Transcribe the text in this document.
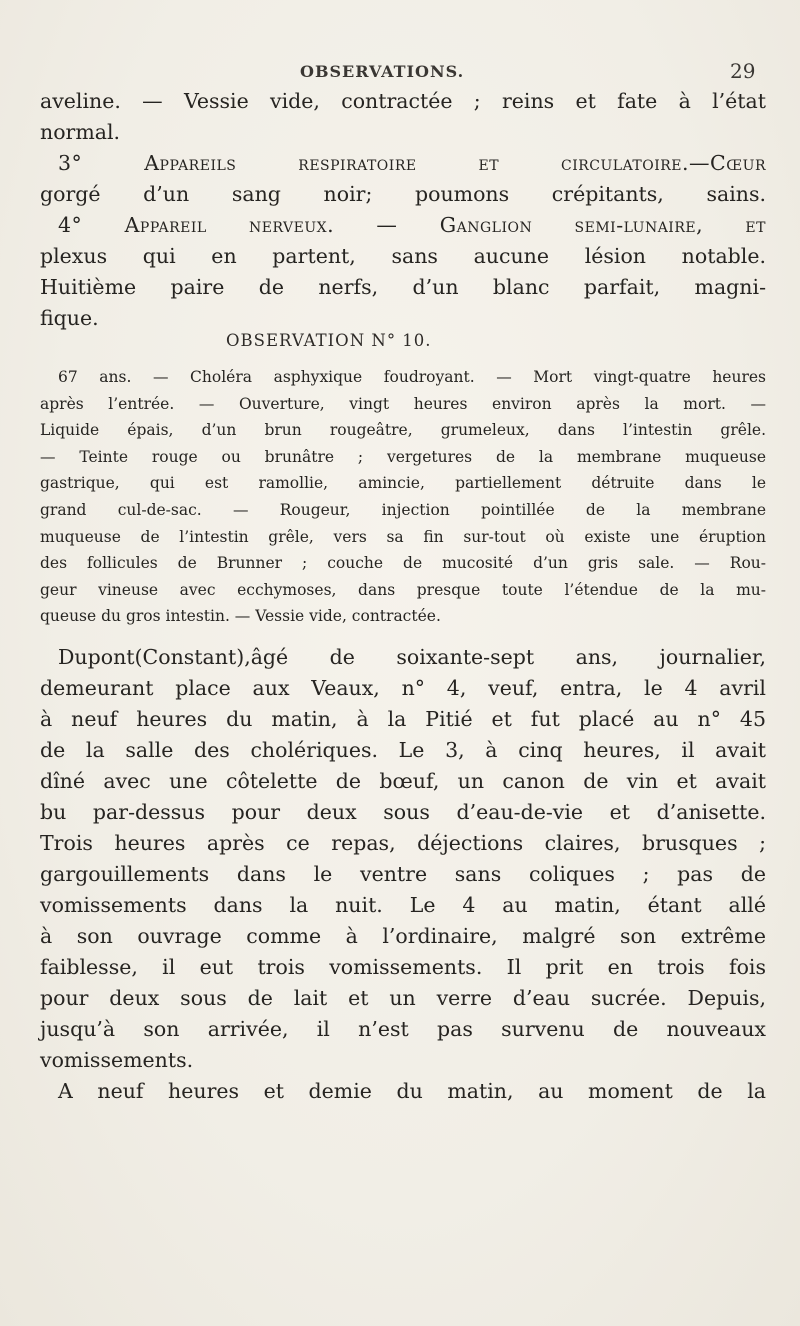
OBSERVATIONS.	29
aveline. — Vessie vide, contractée ; reins et fate à l’état
normal.
3° Appareils respiratoire et circulatoire.—Cœur
gorgé d’un sang noir; poumons crépitants, sains.
4° Appareil nerveux. — Ganglion semi-lunaire, et
plexus qui en partent, sans aucune lésion notable.
Huitième paire de nerfs, d’un blanc parfait, magni-
fique.
OBSERVATION N° 10.
67 ans. — Choléra asphyxique foudroyant. — Mort vingt-quatre heures
après l’entrée. — Ouverture, vingt heures environ après la mort. —
Liquide épais, d’un brun rougeâtre, grumeleux, dans l’intestin grêle.
— Teinte rouge ou brunâtre ; vergetures de la membrane muqueuse
gastrique, qui est ramollie, amincie, partiellement détruite dans le
grand cul-de-sac. — Rougeur, injection pointillée de la membrane
muqueuse de l’intestin grêle, vers sa fin sur-tout où existe une éruption
des follicules de Brunner ; couche de mucosité d’un gris sale. — Rou-
geur vineuse avec ecchymoses, dans presque toute l’étendue de la mu-
queuse du gros intestin. — Vessie vide, contractée.
Dupont(Constant),âgé de soixante-sept ans, journalier,
demeurant place aux Veaux, n° 4, veuf, entra, le 4 avril
à neuf heures du matin, à la Pitié et fut placé au n° 45
de la salle des cholériques. Le 3, à cinq heures, il avait
dîné avec une côtelette de bœuf, un canon de vin et avait
bu par-dessus pour deux sous d’eau-de-vie et d’anisette.
Trois heures après ce repas, déjections claires, brusques ;
gargouillements dans le ventre sans coliques ; pas de
vomissements dans la nuit. Le 4 au matin, étant allé
à son ouvrage comme à l’ordinaire, malgré son extrême
faiblesse, il eut trois vomissements. Il prit en trois fois
pour deux sous de lait et un verre d’eau sucrée. Depuis,
jusqu’à son arrivée, il n’est pas survenu de nouveaux
vomissements.
A neuf heures et demie du matin, au moment de la
